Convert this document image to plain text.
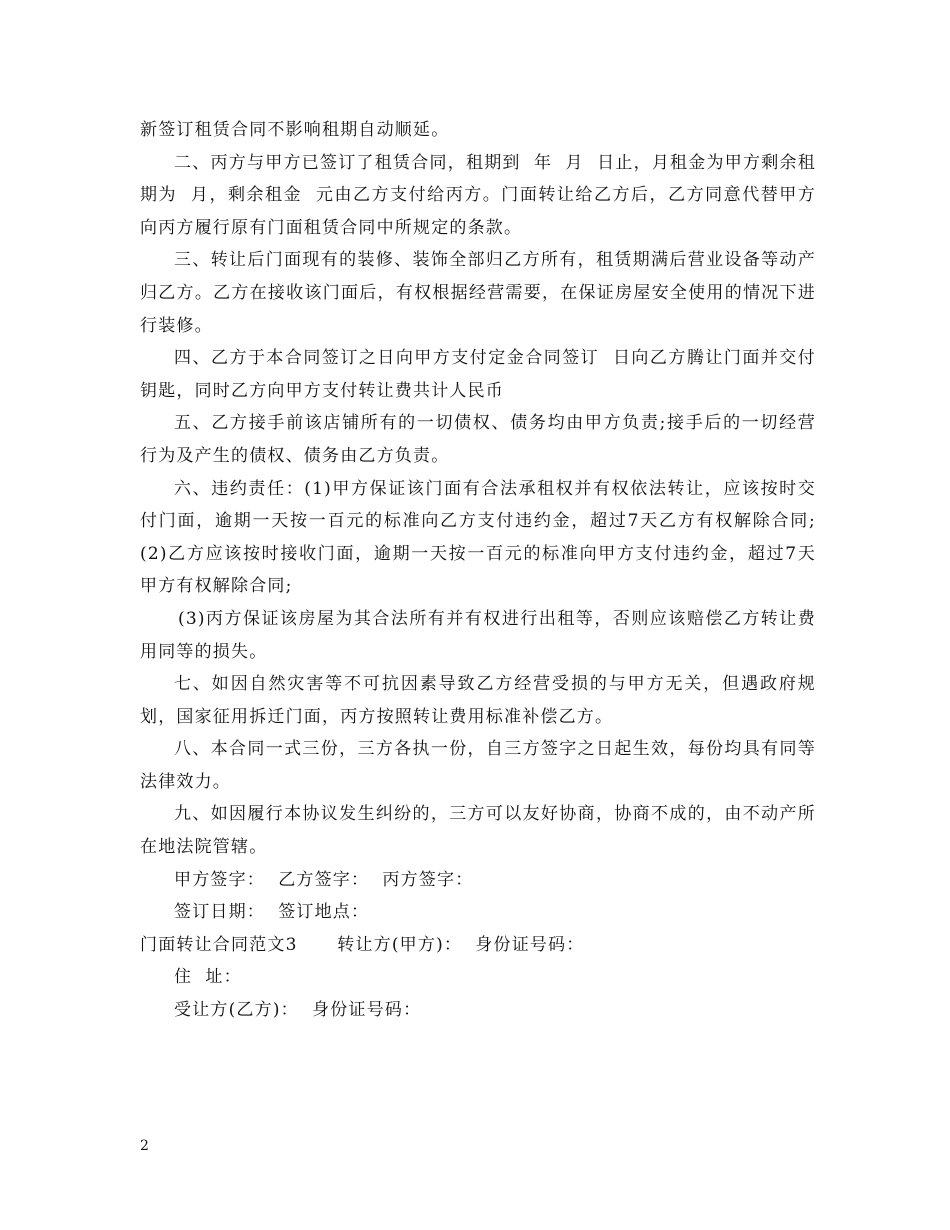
新签订租赁合同不影响租期自动顺延。

二、丙方与甲方已签订了租赁合同，租期到  年  月  日止，月租金为甲方剩余租期为  月，剩余租金  元由乙方支付给丙方。门面转让给乙方后，乙方同意代替甲方向丙方履行原有门面租赁合同中所规定的条款。

三、转让后门面现有的装修、装饰全部归乙方所有，租赁期满后营业设备等动产归乙方。乙方在接收该门面后，有权根据经营需要，在保证房屋安全使用的情况下进行装修。

四、乙方于本合同签订之日向甲方支付定金合同签订  日向乙方腾让门面并交付钥匙，同时乙方向甲方支付转让费共计人民币

五、乙方接手前该店铺所有的一切债权、债务均由甲方负责;接手后的一切经营行为及产生的债权、债务由乙方负责。

六、违约责任：(1)甲方保证该门面有合法承租权并有权依法转让，应该按时交付门面，逾期一天按一百元的标准向乙方支付违约金，超过7天乙方有权解除合同;(2)乙方应该按时接收门面，逾期一天按一百元的标准向甲方支付违约金，超过7天甲方有权解除合同;

(3)丙方保证该房屋为其合法所有并有权进行出租等，否则应该赔偿乙方转让费用同等的损失。

七、如因自然灾害等不可抗因素导致乙方经营受损的与甲方无关，但遇政府规划，国家征用拆迁门面，丙方按照转让费用标准补偿乙方。

八、本合同一式三份，三方各执一份，自三方签字之日起生效，每份均具有同等法律效力。

九、如因履行本协议发生纠纷的，三方可以友好协商，协商不成的，由不动产所在地法院管辖。

甲方签字：  乙方签字：  丙方签字：

签订日期：  签订地点：

门面转让合同范文3      转让方(甲方)：  身份证号码：

住  址：

受让方(乙方)：  身份证号码：

2
